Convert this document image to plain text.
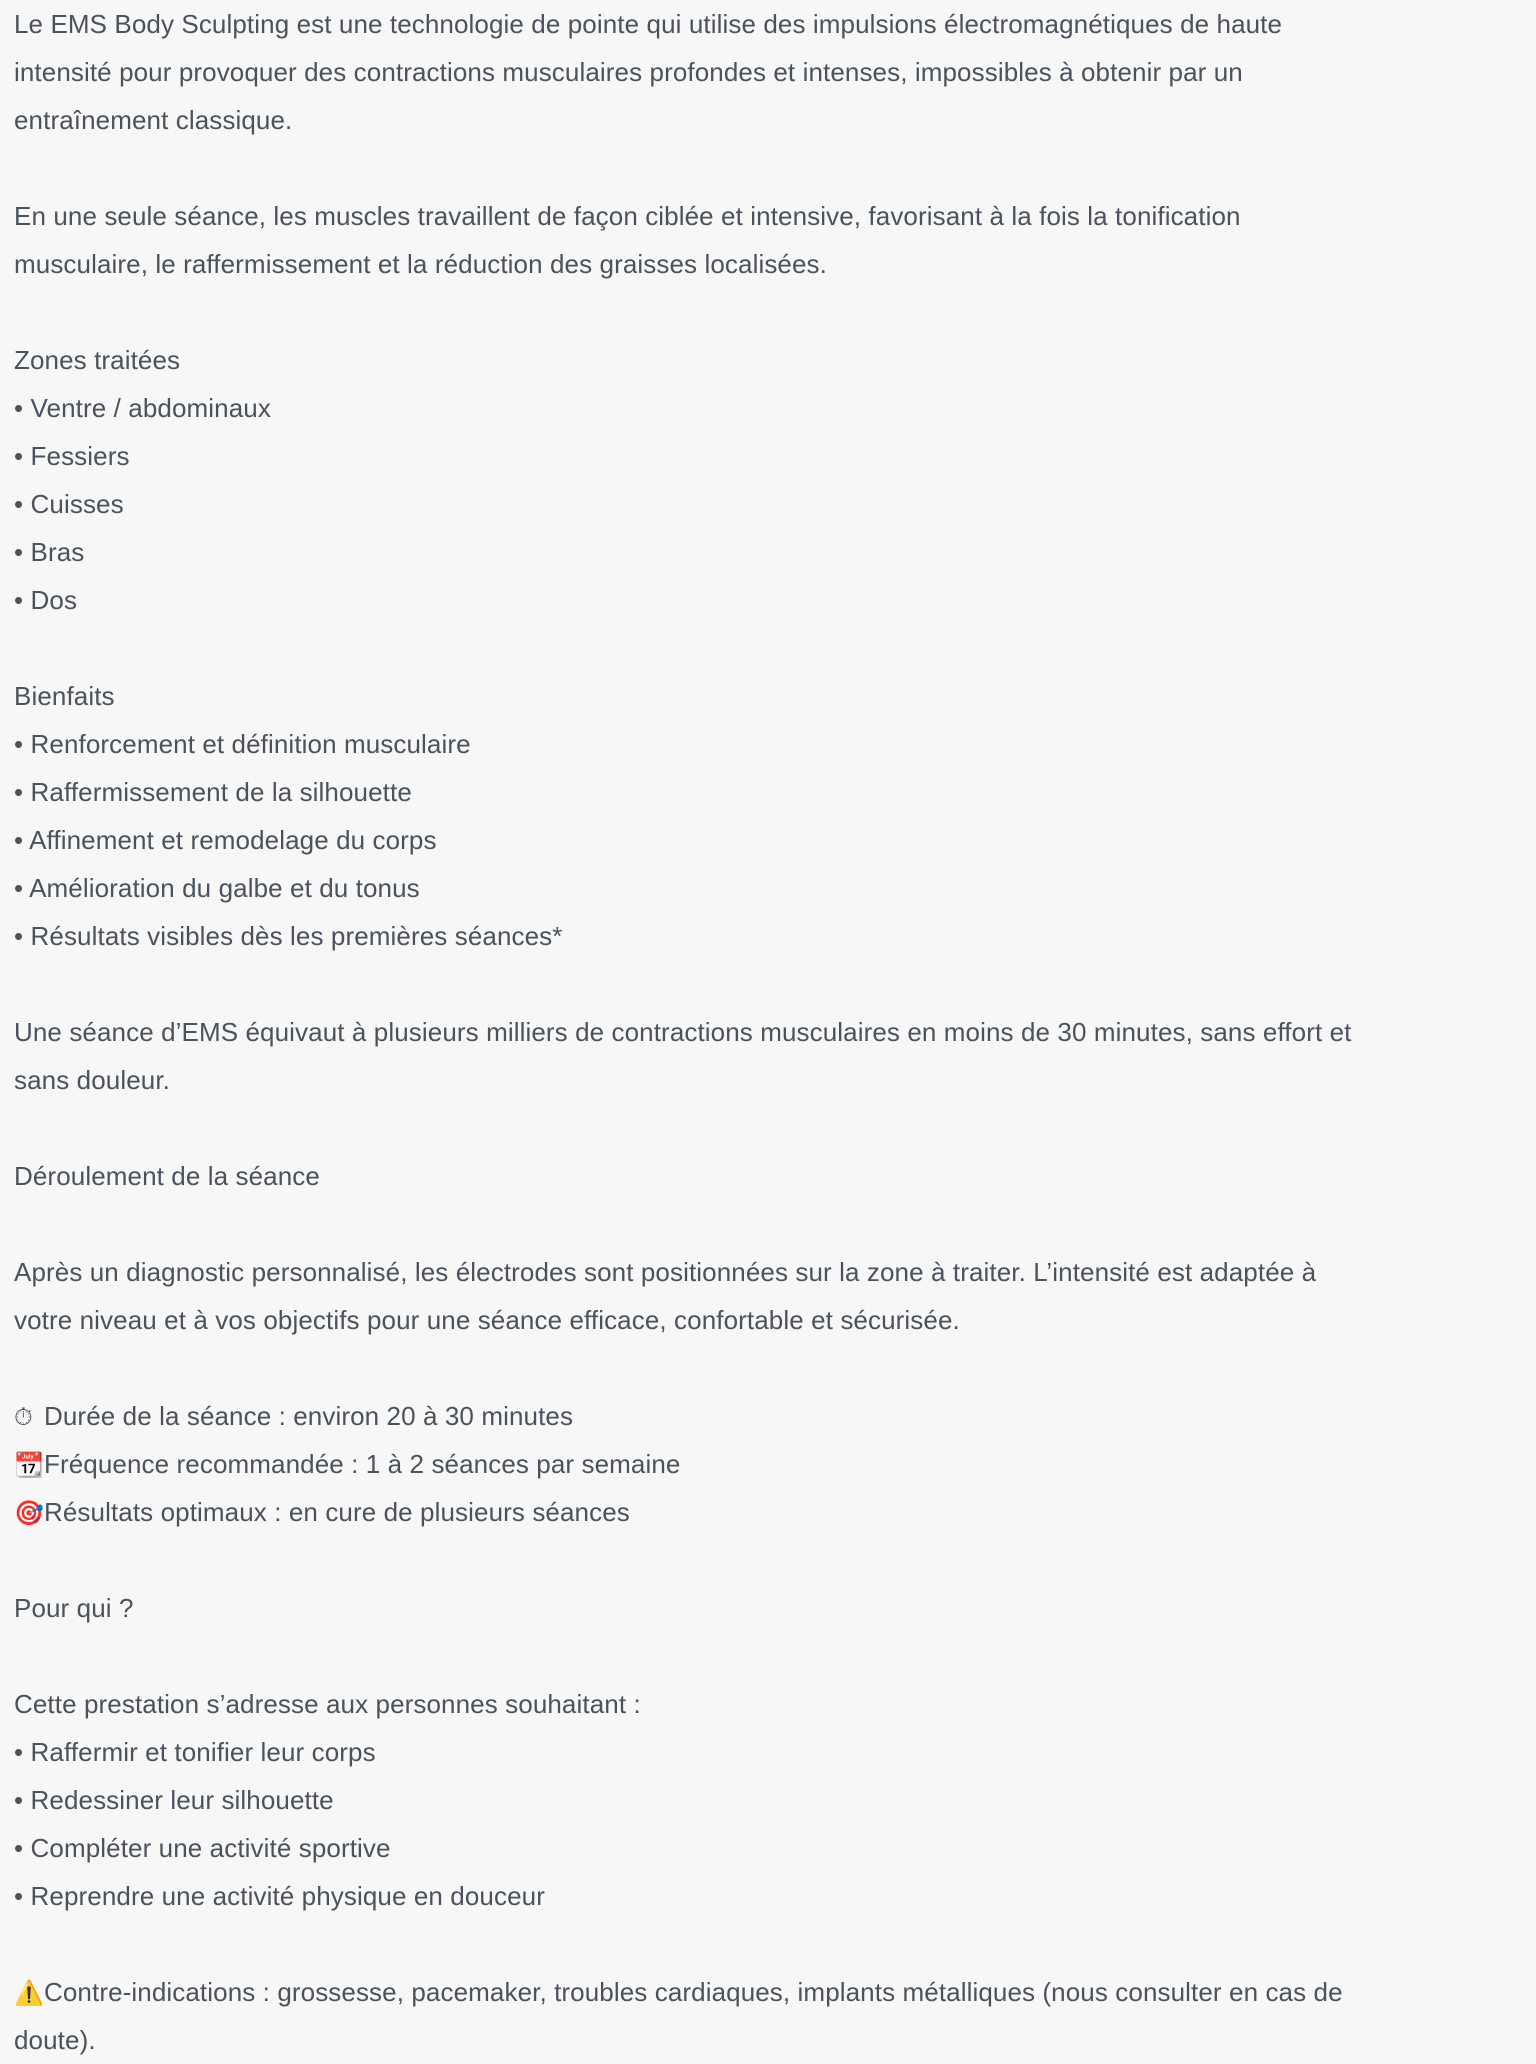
Le EMS Body Sculpting est une technologie de pointe qui utilise des impulsions électromagnétiques de haute
intensité pour provoquer des contractions musculaires profondes et intenses, impossibles à obtenir par un
entraînement classique.
En une seule séance, les muscles travaillent de façon ciblée et intensive, favorisant à la fois la tonification
musculaire, le raffermissement et la réduction des graisses localisées.
Zones traitées
• Ventre / abdominaux
• Fessiers
• Cuisses
• Bras
• Dos
Bienfaits
• Renforcement et définition musculaire
• Raffermissement de la silhouette
• Affinement et remodelage du corps
• Amélioration du galbe et du tonus
• Résultats visibles dès les premières séances*
Une séance d’EMS équivaut à plusieurs milliers de contractions musculaires en moins de 30 minutes, sans effort et
sans douleur.
Déroulement de la séance
Après un diagnostic personnalisé, les électrodes sont positionnées sur la zone à traiter. L’intensité est adaptée à
votre niveau et à vos objectifs pour une séance efficace, confortable et sécurisée.
⏱ Durée de la séance : environ 20 à 30 minutes
📆Fréquence recommandée : 1 à 2 séances par semaine
🎯Résultats optimaux : en cure de plusieurs séances
Pour qui ?
Cette prestation s’adresse aux personnes souhaitant :
• Raffermir et tonifier leur corps
• Redessiner leur silhouette
• Compléter une activité sportive
• Reprendre une activité physique en douceur
⚠️Contre-indications : grossesse, pacemaker, troubles cardiaques, implants métalliques (nous consulter en cas de
doute).
